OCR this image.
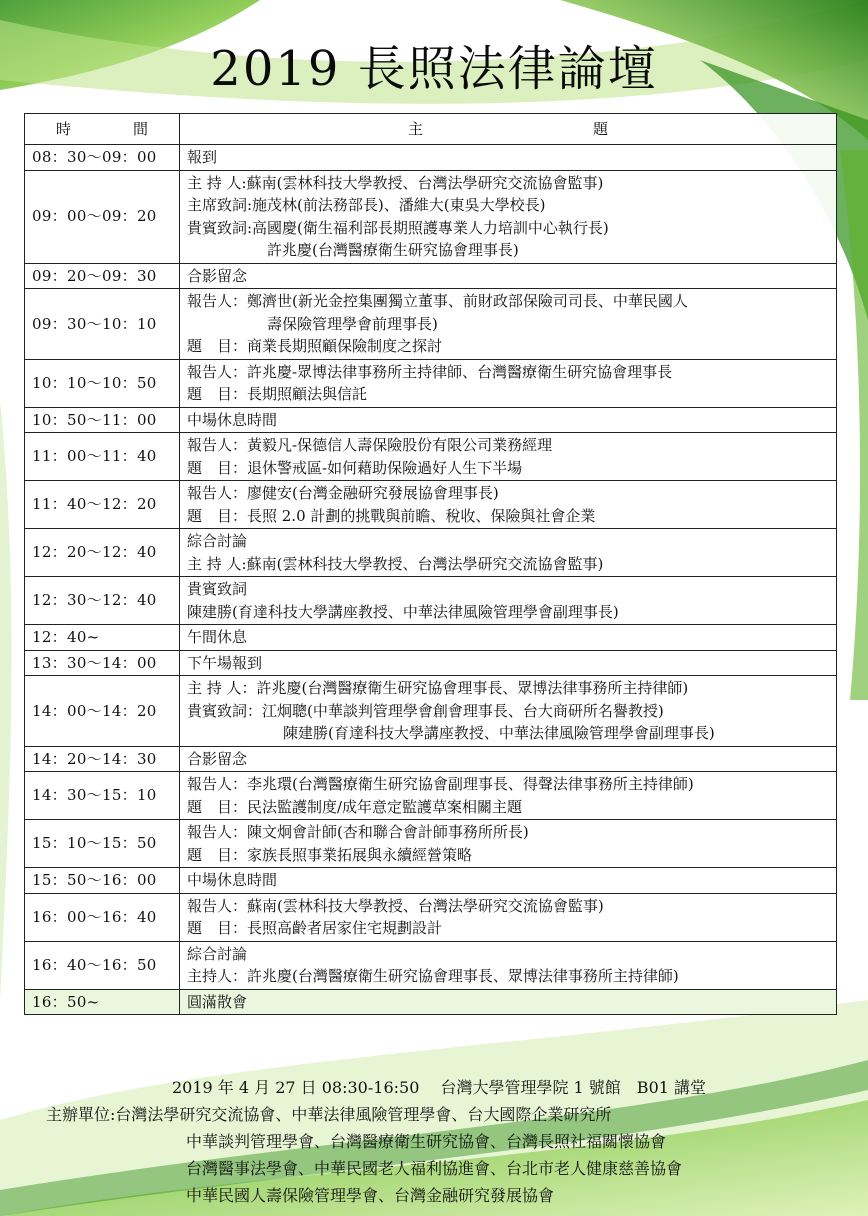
2019 長照法律論壇
時 間	主 題
08：30～09：00	報到

09：00～09：20	主 持 人:蘇南(雲林科技大學教授、台灣法學研究交流協會監事)
主席致詞:施茂林(前法務部長)、潘維大(東吳大學校長)
貴賓致詞:高國慶(衛生福利部長期照護專業人力培訓中心執行長)
許兆慶(台灣醫療衛生研究協會理事長)

09：20～09：30	合影留念

09：30～10：10	報告人：鄭濟世(新光金控集團獨立董事、前財政部保險司司長、中華民國人
壽保險管理學會前理事長)
題　目：商業長期照顧保險制度之探討

10：10～10：50	報告人：許兆慶-眾博法律事務所主持律師、台灣醫療衛生研究協會理事長
題　目：長期照顧法與信託

10：50～11：00	中場休息時間

11：00～11：40	報告人：黃毅凡-保德信人壽保險股份有限公司業務經理
題　目：退休警戒區-如何藉助保險過好人生下半場

11：40～12：20	報告人：廖健安(台灣金融研究發展協會理事長)
題　目：長照 2.0 計劃的挑戰與前瞻、稅收、保險與社會企業

12：20～12：40	綜合討論
主 持 人:蘇南(雲林科技大學教授、台灣法學研究交流協會監事)

12：30～12：40	貴賓致詞
陳建勝(育達科技大學講座教授、中華法律風險管理學會副理事長)

12：40~	午間休息

13：30～14：00	下午場報到

14：00～14：20	主 持 人：許兆慶(台灣醫療衛生研究協會理事長、眾博法律事務所主持律師)
貴賓致詞：江炯聰(中華談判管理學會創會理事長、台大商研所名譽教授)
陳建勝(育達科技大學講座教授、中華法律風險管理學會副理事長)

14：20～14：30	合影留念

14：30～15：10	報告人：李兆環(台灣醫療衛生研究協會副理事長、得聲法律事務所主持律師)
題　目：民法監護制度/成年意定監護草案相關主題

15：10～15：50	報告人：陳文炯會計師(杏和聯合會計師事務所所長)
題　目：家族長照事業拓展與永續經營策略

15：50～16：00	中場休息時間

16：00～16：40	報告人：蘇南(雲林科技大學教授、台灣法學研究交流協會監事)
題　目：長照高齡者居家住宅規劃設計

16：40～16：50	綜合討論
主持人：許兆慶(台灣醫療衛生研究協會理事長、眾博法律事務所主持律師)

16：50~	圓滿散會
2019 年 4 月 27 日 08:30-16:50　 台灣大學管理學院 1 號館　B01 講堂
主辦單位:台灣法學研究交流協會、中華法律風險管理學會、台大國際企業研究所
中華談判管理學會、台灣醫療衛生研究協會、台灣長照社福關懷協會
台灣醫事法學會、中華民國老人福利協進會、台北市老人健康慈善協會
中華民國人壽保險管理學會、台灣金融研究發展協會
